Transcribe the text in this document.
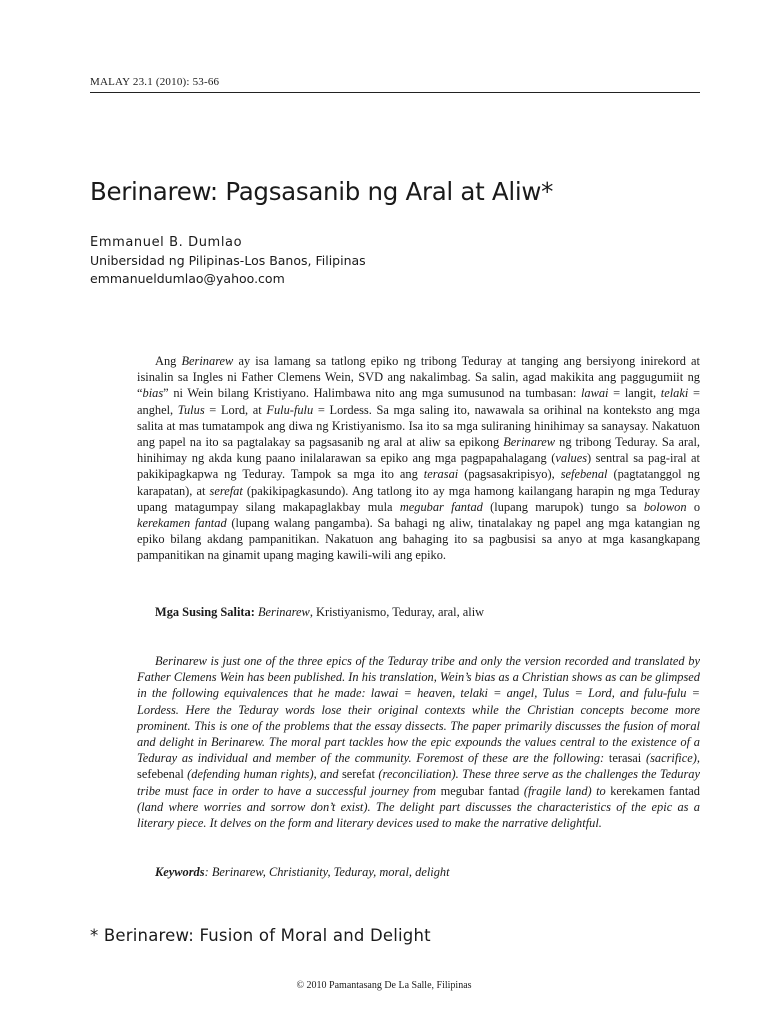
MALAY 23.1 (2010): 53-66
Berinarew: Pagsasanib ng Aral at Aliw*
Emmanuel B. Dumlao
Unibersidad ng Pilipinas-Los Banos, Filipinas
emmanueldumlao@yahoo.com

Ang Berinarew ay isa lamang sa tatlong epiko ng tribong Teduray at tanging ang bersiyong inirekord at isinalin sa Ingles ni Father Clemens Wein, SVD ang nakalimbag. Sa salin, agad makikita ang paggugumiit ng “bias” ni Wein bilang Kristiyano. Halimbawa nito ang mga sumusunod na tumbasan: lawai = langit, telaki = anghel, Tulus = Lord, at Fulu-fulu = Lordess. Sa mga saling ito, nawawala sa orihinal na konteksto ang mga salita at mas tumatampok ang diwa ng Kristiyanismo. Isa ito sa mga suliraning hinihimay sa sanaysay. Nakatuon ang papel na ito sa pagtalakay sa pagsasanib ng aral at aliw sa epikong Berinarew ng tribong Teduray. Sa aral, hinihimay ng akda kung paano inilalarawan sa epiko ang mga pagpapahalagang (values) sentral sa pag-iral at pakikipagkapwa ng Teduray. Tampok sa mga ito ang terasai (pagsasakripisyo), sefebenal (pagtatanggol ng karapatan), at serefat (pakikipagkasundo). Ang tatlong ito ay mga hamong kailangang harapin ng mga Teduray upang matagumpay silang makapaglakbay mula megubar fantad (lupang marupok) tungo sa bolowon o kerekamen fantad (lupang walang pangamba). Sa bahagi ng aliw, tinatalakay ng papel ang mga katangian ng epiko bilang akdang pampanitikan. Nakatuon ang bahaging ito sa pagbusisi sa anyo at mga kasangkapang pampanitikan na ginamit upang maging kawili-wili ang epiko.

Mga Susing Salita: Berinarew, Kristiyanismo, Teduray, aral, aliw

Berinarew is just one of the three epics of the Teduray tribe and only the version recorded and translated by Father Clemens Wein has been published. In his translation, Wein’s bias as a Christian shows as can be glimpsed in the following equivalences that he made: lawai = heaven, telaki = angel, Tulus = Lord, and fulu-fulu = Lordess. Here the Teduray words lose their original contexts while the Christian concepts become more prominent. This is one of the problems that the essay dissects. The paper primarily discusses the fusion of moral and delight in Berinarew. The moral part tackles how the epic expounds the values central to the existence of a Teduray as individual and member of the community. Foremost of these are the following: terasai (sacrifice), sefebenal (defending human rights), and serefat (reconciliation). These three serve as the challenges the Teduray tribe must face in order to have a successful journey from megubar fantad (fragile land) to kerekamen fantad (land where worries and sorrow don’t exist). The delight part discusses the characteristics of the epic as a literary piece. It delves on the form and literary devices used to make the narrative delightful.

Keywords: Berinarew, Christianity, Teduray, moral, delight
* Berinarew: Fusion of Moral and Delight
© 2010 Pamantasang De La Salle, Filipinas
